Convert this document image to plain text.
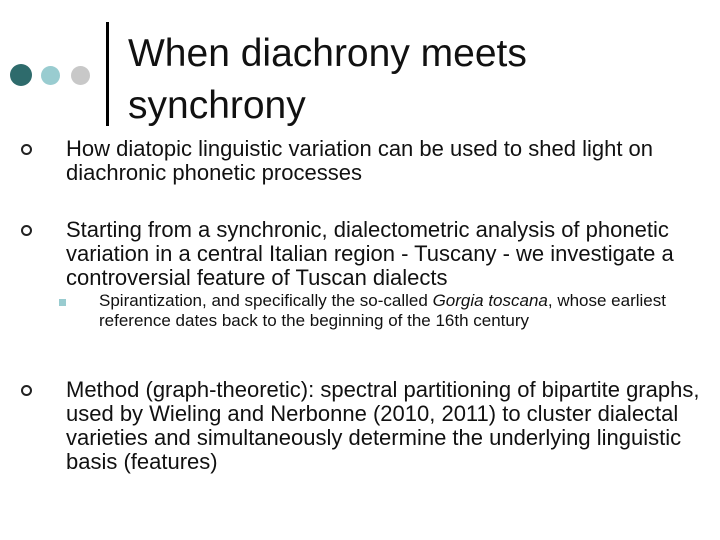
When diachrony meets synchrony
How diatopic linguistic variation can be used to shed light on diachronic phonetic processes
Starting from a synchronic, dialectometric analysis of phonetic variation in a central Italian region - Tuscany - we investigate a controversial feature of Tuscan dialects
Spirantization, and specifically the so-called Gorgia toscana, whose earliest reference dates back to the beginning of the 16th century
Method (graph-theoretic): spectral partitioning of bipartite graphs, used by Wieling and Nerbonne (2010, 2011) to cluster dialectal varieties and simultaneously determine the underlying linguistic basis (features)
